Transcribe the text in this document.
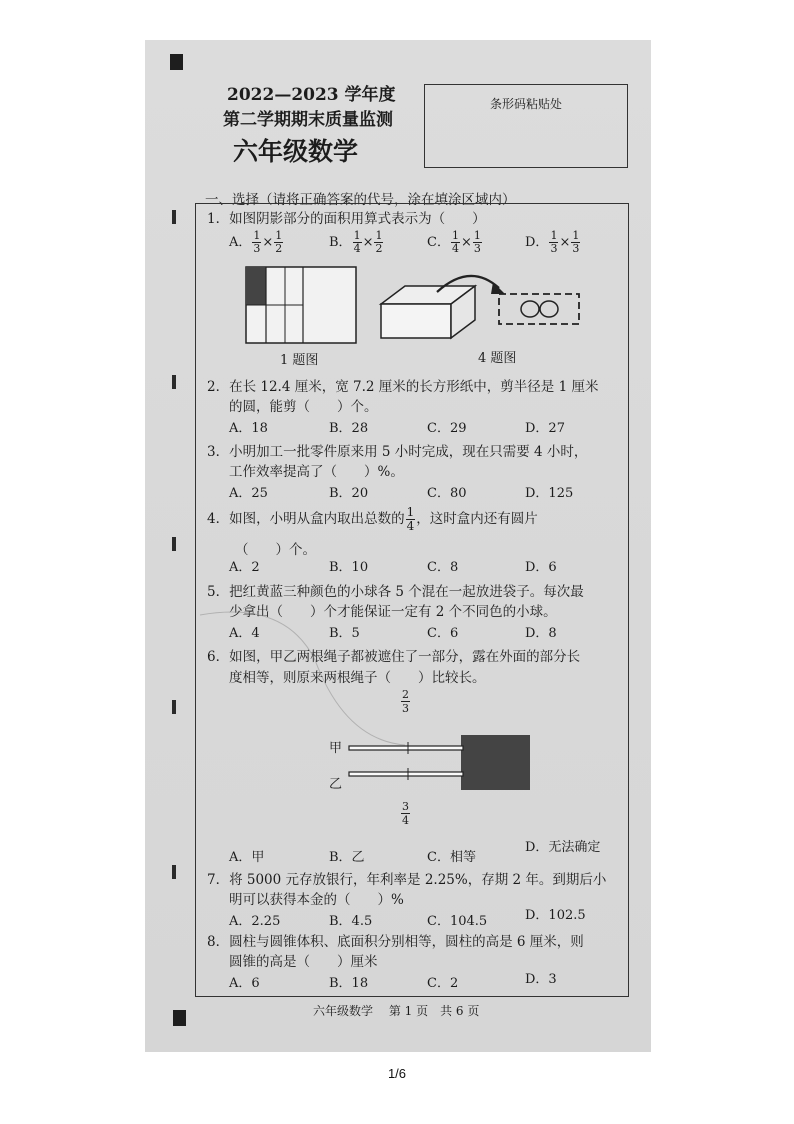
2022—2023 学年度
第二学期期末质量监测
六年级数学
条形码粘贴处
一、选择（请将正确答案的代号，涂在填涂区域内）
1．如图阴影部分的面积用算式表示为（　　）
A． $\frac{1}{3} \times \frac{1}{2}$	B． $\frac{1}{4} \times \frac{1}{2}$	C． $\frac{1}{4} \times \frac{1}{3}$	D． $\frac{1}{3} \times \frac{1}{3}$
1 题图	4 题图
2．在长 12.4 厘米，宽 7.2 厘米的长方形纸中，剪半径是 1 厘米
的圆，能剪（　　）个。
A．18	B．28	C．29	D．27
3．小明加工一批零件原来用 5 小时完成，现在只需要 4 小时，
工作效率提高了（　　）%。
A．25	B．20	C．80	D．125
4．如图，小明从盒内取出总数的 $\frac{1}{4}$ ，这时盒内还有圆片
（　　）个。
A．2	B．10	C．8	D．6
5．把红黄蓝三种颜色的小球各 5 个混在一起放进袋子。每次最
少拿出（　　）个才能保证一定有 2 个不同色的小球。
A．4	B．5	C．6	D．8
6．如图，甲乙两根绳子都被遮住了一部分，露在外面的部分长
度相等，则原来两根绳子（　　）比较长。
$\frac{2}{3}$
甲
乙
$\frac{3}{4}$
A．甲	B．乙	C．相等
D．无法确定
7．将 5000 元存放银行，年利率是 2.25%，存期 2 年。到期后小
明可以获得本金的（　　）%
A．2.25	B．4.5	C．104.5	D．102.5
8．圆柱与圆锥体积、底面积分别相等，圆柱的高是 6 厘米，则
圆锥的高是（　　）厘米
A．6	B．18	C．2	D．3
六年级数学　 第 1 页　共 6 页
1/6
